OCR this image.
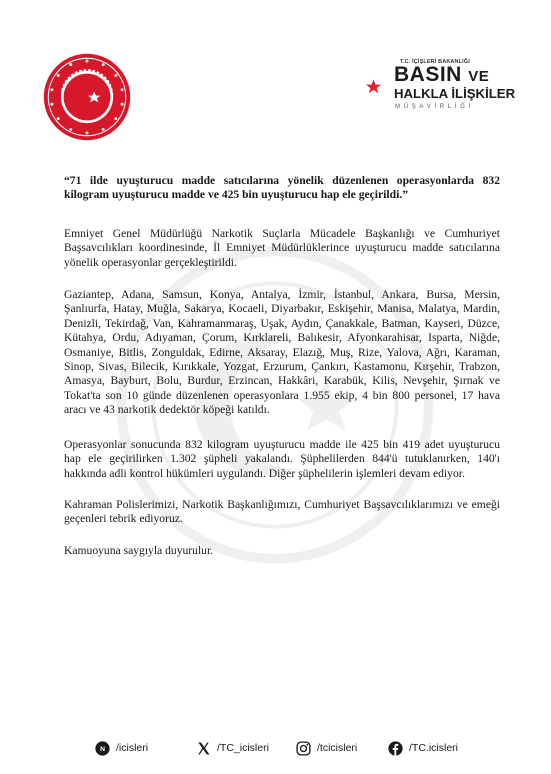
T.C. İÇİŞLERİ BAKANLIĞI
BASIN VE
HALKLA İLİŞKİLER
MÜŞAVİRLİĞİ

“71 ilde uyuşturucu madde satıcılarına yönelik düzenlenen operasyonlarda 832 kilogram uyuşturucu madde ve 425 bin uyuşturucu hap ele geçirildi.”

Emniyet Genel Müdürlüğü Narkotik Suçlarla Mücadele Başkanlığı ve Cumhuriyet Başsavcılıkları koordinesinde, İl Emniyet Müdürlüklerince uyuşturucu madde satıcılarına yönelik operasyonlar gerçekleştirildi.

Gaziantep, Adana, Samsun, Konya, Antalya, İzmir, İstanbul, Ankara, Bursa, Mersin, Şanlıurfa, Hatay, Muğla, Sakarya, Kocaeli, Diyarbakır, Eskişehir, Manisa, Malatya, Mardin, Denizli, Tekirdağ, Van, Kahramanmaraş, Uşak, Aydın, Çanakkale, Batman, Kayseri, Düzce, Kütahya, Ordu, Adıyaman, Çorum, Kırklareli, Balıkesir, Afyonkarahisar, Isparta, Niğde, Osmaniye, Bitlis, Zonguldak, Edirne, Aksaray, Elazığ, Muş, Rize, Yalova, Ağrı, Karaman, Sinop, Sivas, Bilecik, Kırıkkale, Yozgat, Erzurum, Çankırı, Kastamonu, Kırşehir, Trabzon, Amasya, Bayburt, Bolu, Burdur, Erzincan, Hakkâri, Karabük, Kilis, Nevşehir, Şırnak ve Tokat'ta son 10 günde düzenlenen operasyonlara 1.955 ekip, 4 bin 800 personel, 17 hava aracı ve 43 narkotik dedektör köpeği katıldı.

Operasyonlar sonucunda 832 kilogram uyuşturucu madde ile 425 bin 419 adet uyuşturucu hap ele geçirilirken 1.302 şüpheli yakalandı. Şüphelilerden 844'ü tutuklanırken, 140'ı hakkında adli kontrol hükümleri uygulandı. Diğer şüphelilerin işlemleri devam ediyor.

Kahraman Polislerimizi, Narkotik Başkanlığımızı, Cumhuriyet Başsavcılıklarımızı ve emeği geçenleri tebrik ediyoruz.

Kamuoyuna saygıyla duyurulur.

N /icisleri	/TC_icisleri	/tcicisleri	/TC.icisleri
